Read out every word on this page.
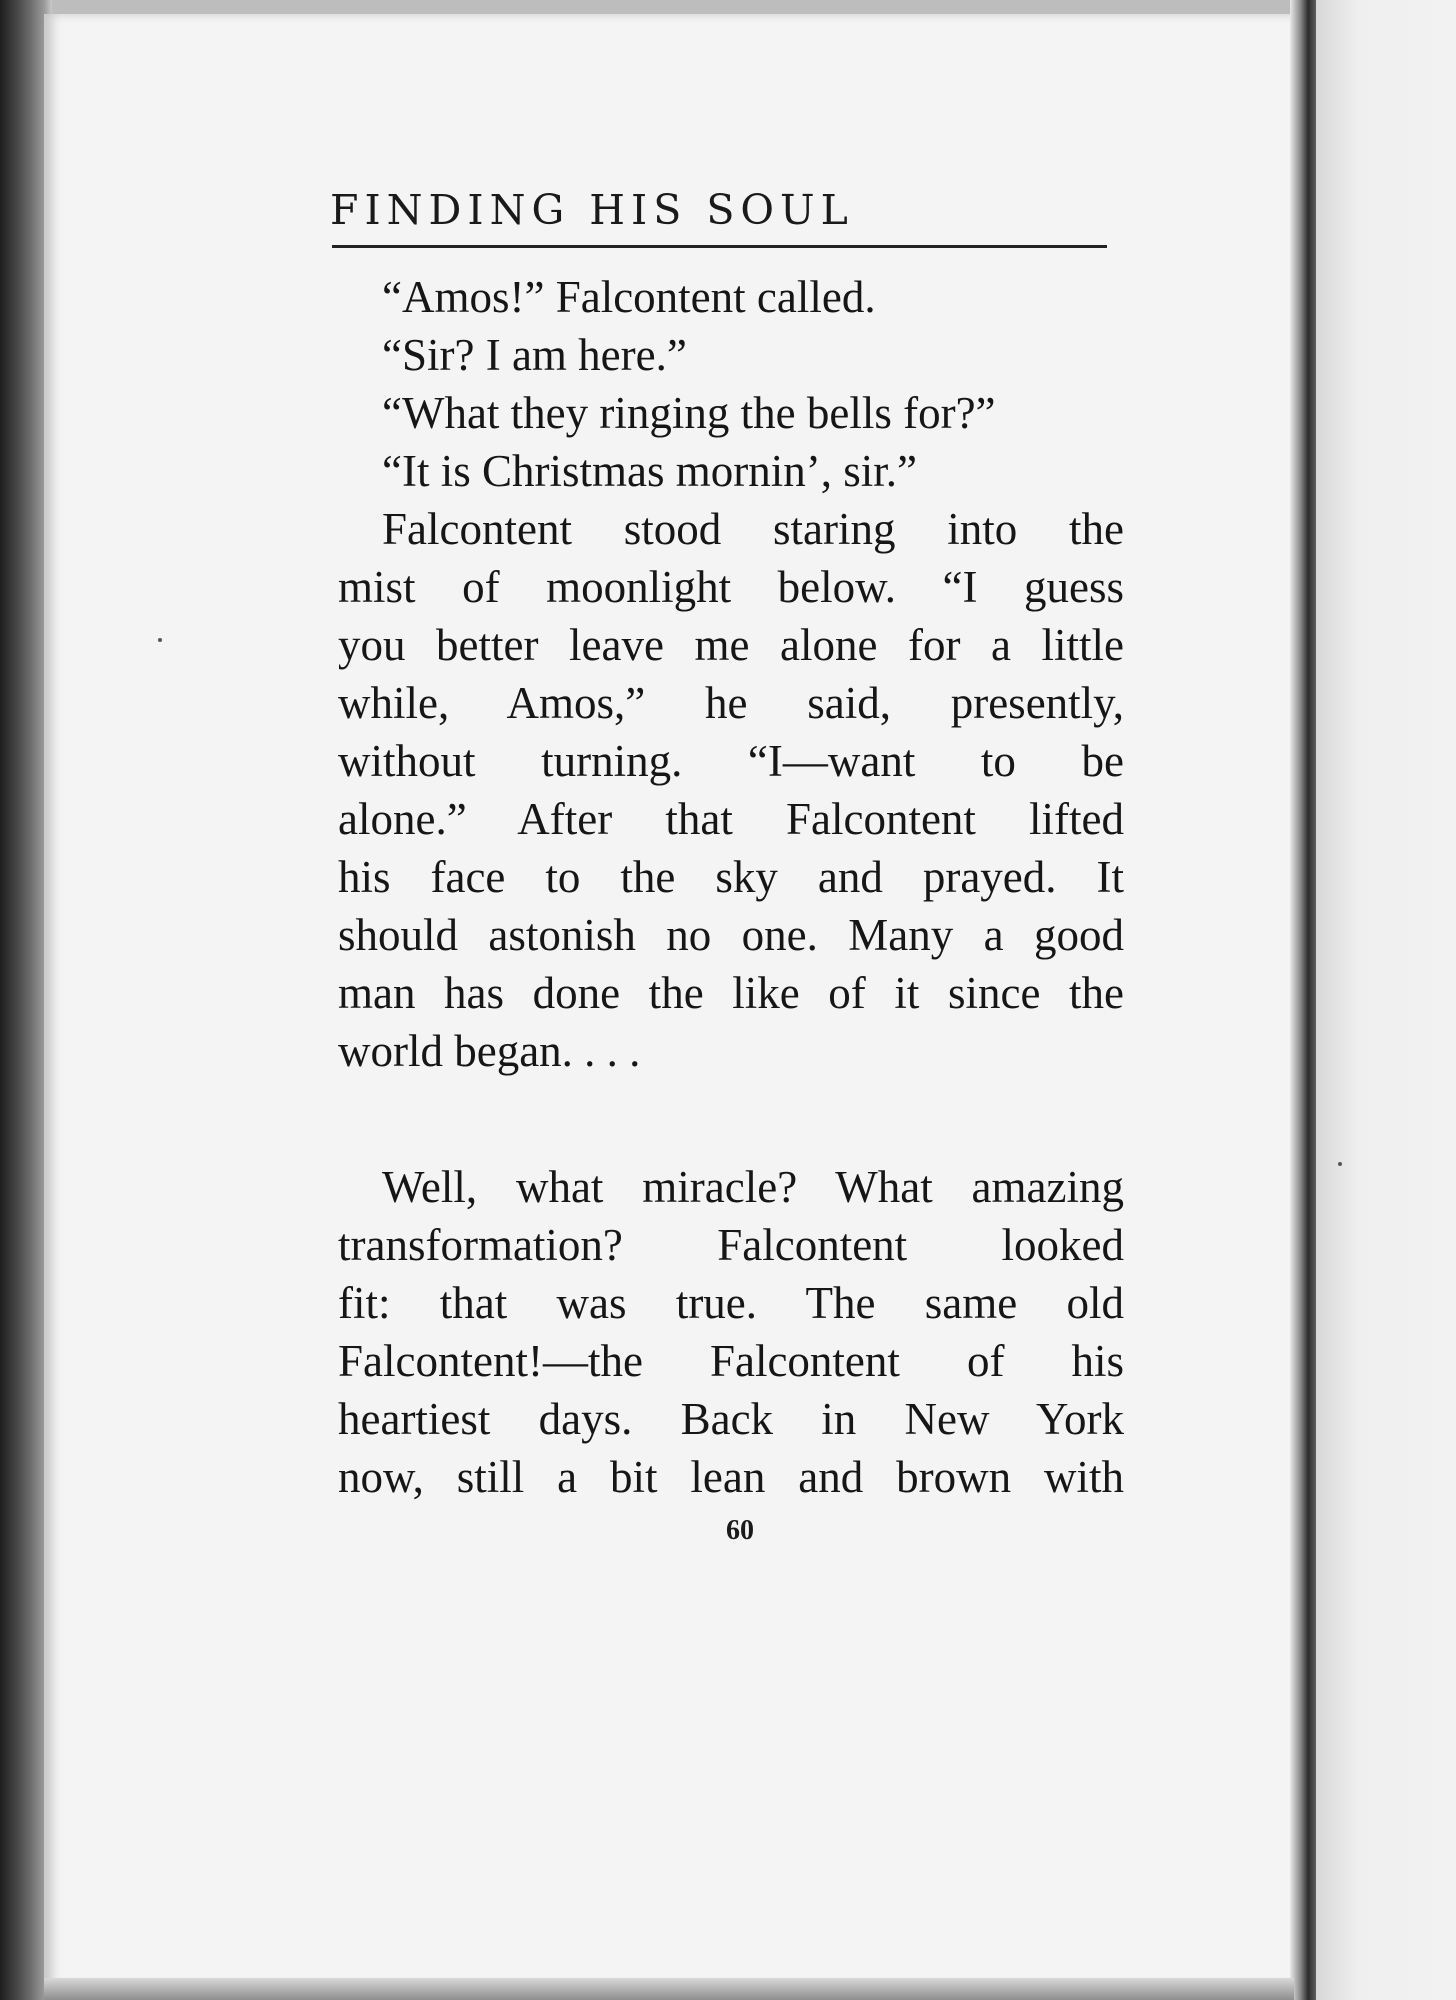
FINDING HIS SOUL
“Amos!” Falcontent called.
“Sir? I am here.”
“What they ringing the bells for?”
“It is Christmas mornin’, sir.”
Falcontent stood staring into the
mist of moonlight below. “I guess
you better leave me alone for a little
while, Amos,” he said, presently,
without turning. “I—want to be
alone.” After that Falcontent lifted
his face to the sky and prayed. It
should astonish no one. Many a good
man has done the like of it since the
world began. . . .
Well, what miracle? What amazing
transformation? Falcontent looked
fit: that was true. The same old
Falcontent!—the Falcontent of his
heartiest days. Back in New York
now, still a bit lean and brown with
60
